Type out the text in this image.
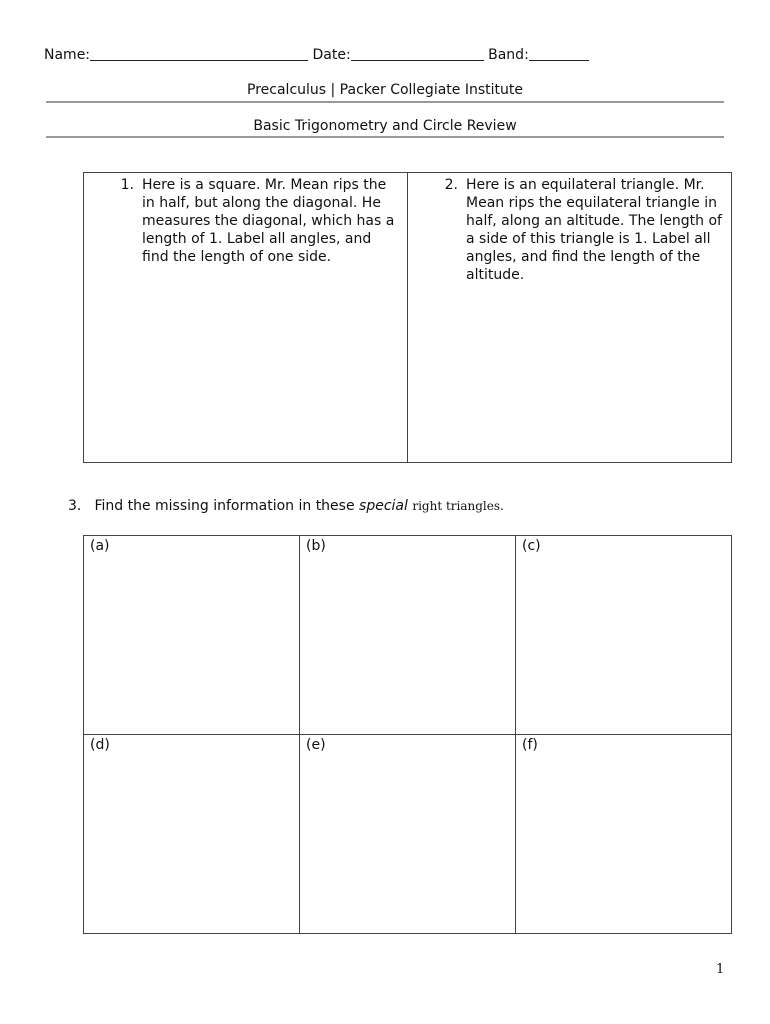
Name:	Date:	Band:
Precalculus | Packer Collegiate Institute
Basic Trigonometry and Circle Review
1. Here is a square. Mr. Mean rips the in half, but along the diagonal. He measures the diagonal, which has a length of 1. Label all angles, and find the length of one side.

2. Here is an equilateral triangle. Mr. Mean rips the equilateral triangle in half, along an altitude. The length of a side of this triangle is 1. Label all angles, and find the length of the altitude.
3. Find the missing information in these special right triangles.
(a)	(b)	(c)
(d)	(e)	(f)
1
